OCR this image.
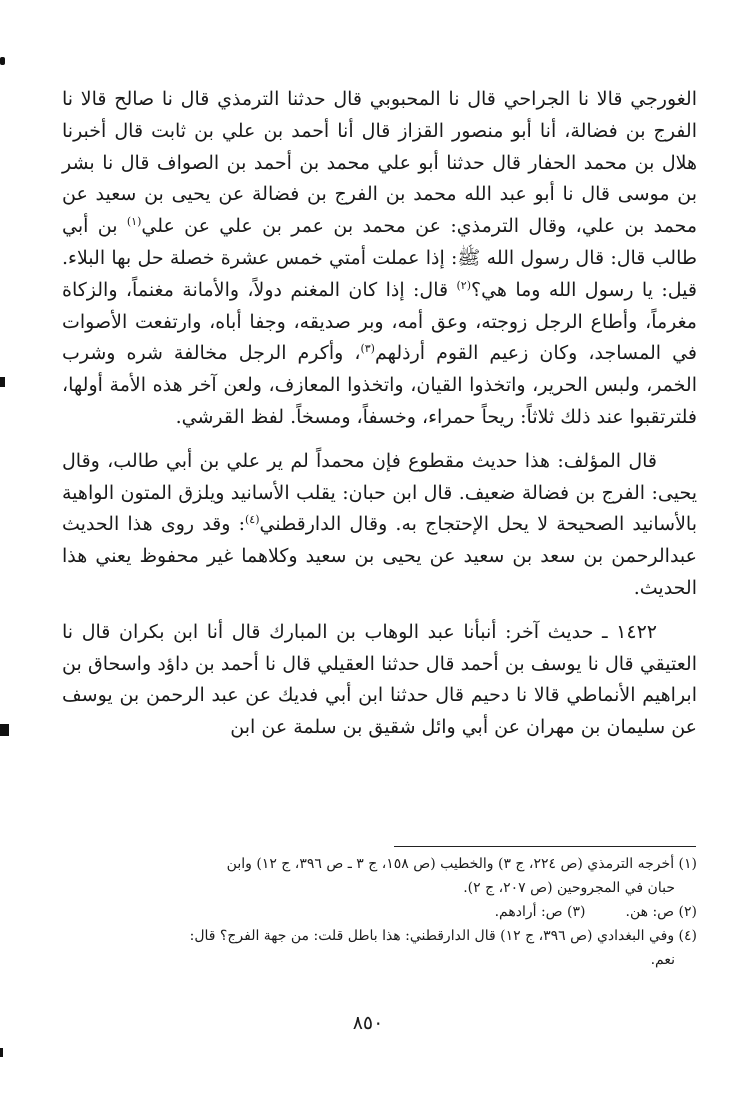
الغورجي قالا نا الجراحي قال نا المحبوبي قال حدثنا الترمذي قال نا صالح قالا نا الفرج بن فضالة، أنا أبو منصور القزاز قال أنا أحمد بن علي بن ثابت قال أخبرنا هلال بن محمد الحفار قال حدثنا أبو علي محمد بن أحمد بن الصواف قال نا بشر بن موسى قال نا أبو عبد الله محمد بن الفرج بن فضالة عن يحيى بن سعيد عن محمد بن علي، وقال الترمذي: عن محمد بن عمر بن علي عن علي$^{(١)}$ بن أبي طالب قال: قال رسول الله ﷺ: إذا عملت أمتي خمس عشرة خصلة حل بها البلاء. قيل: يا رسول الله وما هي؟$^{(٢)}$ قال: إذا كان المغنم دولاً، والأمانة مغنماً، والزكاة مغرماً، وأطاع الرجل زوجته، وعق أمه، وبر صديقه، وجفا أباه، وارتفعت الأصوات في المساجد، وكان زعيم القوم أرذلهم$^{(٣)}$، وأكرم الرجل مخالفة شره وشرب الخمر، ولبس الحرير، واتخذوا القيان، واتخذوا المعازف، ولعن آخر هذه الأمة أولها، فلترتقبوا عند ذلك ثلاثاً: ريحاً حمراء، وخسفاً، ومسخاً. لفظ القرشي.

قال المؤلف: هذا حديث مقطوع فإن محمداً لم ير علي بن أبي طالب، وقال يحيى: الفرج بن فضالة ضعيف. قال ابن حبان: يقلب الأسانيد ويلزق المتون الواهية بالأسانيد الصحيحة لا يحل الإحتجاج به. وقال الدارقطني$^{(٤)}$: وقد روى هذا الحديث عبدالرحمن بن سعد بن سعيد عن يحيى بن سعيد وكلاهما غير محفوظ يعني هذا الحديث.

١٤٢٢ ـ حديث آخر: أنبأنا عبد الوهاب بن المبارك قال أنا ابن بكران قال نا العتيقي قال نا يوسف بن أحمد قال حدثنا العقيلي قال نا أحمد بن داؤد واسحاق بن ابراهيم الأنماطي قالا نا دحيم قال حدثنا ابن أبي فديك عن عبد الرحمن بن يوسف عن سليمان بن مهران عن أبي وائل شقيق بن سلمة عن ابن

(١) أخرجه الترمذي (ص ٢٢٤، ج ٣) والخطيب (ص ١٥٨، ج ٣ ـ ص ٣٩٦، ج ١٢) وابن

حبان في المجروحين (ص ٢٠٧، ج ٢).

(٢) ص: هن.(٣) ص: أرادهم.

(٤) وفي البغدادي (ص ٣٩٦، ج ١٢) قال الدارقطني: هذا باطل قلت: من جهة الفرج؟ قال:

نعم.

٨٥٠
